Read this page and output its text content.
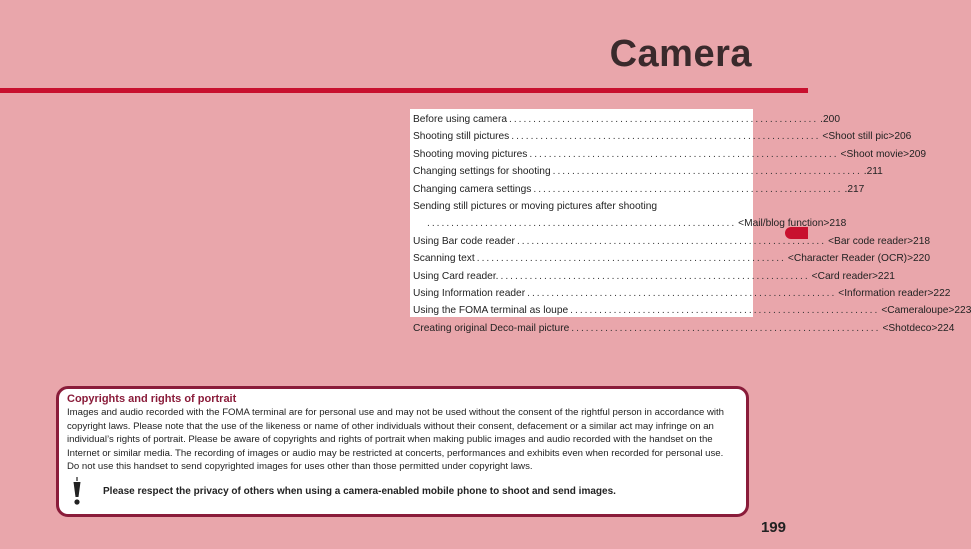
Camera
Before using camera ................................................................ .200
Shooting still pictures ................................................................ <Shoot still pic>206
Shooting moving pictures ................................................................ <Shoot movie>209
Changing settings for shooting ................................................................ .211
Changing camera settings ................................................................ .217
Sending still pictures or moving pictures after shooting
................................................................ <Mail/blog function>218
Using Bar code reader ................................................................ <Bar code reader>218
Scanning text ................................................................ <Character Reader (OCR)>220
Using Card reader. ................................................................ <Card reader>221
Using Information reader ................................................................ <Information reader>222
Using the FOMA terminal as loupe ................................................................ <Cameraloupe>223
Creating original Deco-mail picture ................................................................ <Shotdeco>224
Copyrights and rights of portrait
Images and audio recorded with the FOMA terminal are for personal use and may not be used without the consent of the rightful person in accordance with copyright laws. Please note that the use of the likeness or name of other individuals without their consent, defacement or a similar act may infringe on an individual’s rights of portrait. Please be aware of copyrights and rights of portrait when making public images and audio recorded with the handset on the Internet or similar media. The recording of images or audio may be restricted at concerts, performances and exhibits even when recorded for personal use. Do not use this handset to send copyrighted images for uses other than those permitted under copyright laws.
Please respect the privacy of others when using a camera-enabled mobile phone to shoot and send images.
199
